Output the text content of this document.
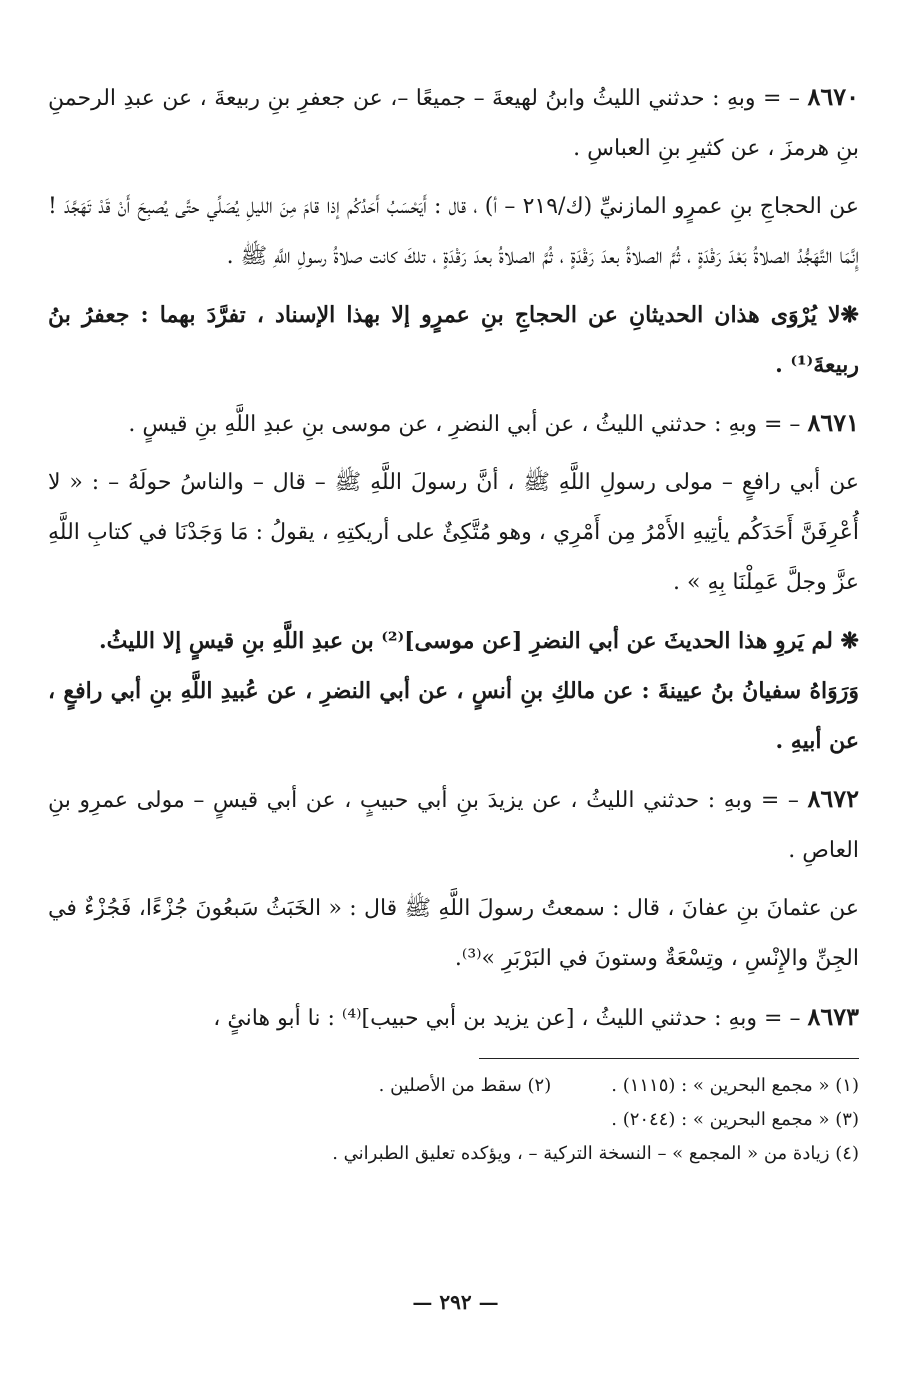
٨٦٧٠ – = وبهِ : حدثني الليثُ وابنُ لهيعةَ – جميعًا –، عن جعفرِ بنِ ربيعةَ ، عن عبدِ الرحمنِ بنِ هرمزَ ، عن كثيرِ بنِ العباسِ .

عن الحجاجِ بنِ عمرٍو المازنيِّ (ك/٢١٩ – أ) ، قال : أَيَحْسَبُ أَحَدُكُم إذا قامَ مِنَ الليلِ يُصَلِّي حتَّى يُصبِحَ أَنْ قَدْ تَهَجَّدَ ! إِنَّمَا التَّهَجُّدُ الصلاةُ بَعْدَ رَقْدَةٍ ، ثُمَّ الصلاةُ بعدَ رَقْدَةٍ ، ثُمَّ الصلاةُ بعدَ رَقْدَةٍ ، تلكَ كانت صلاةُ رسولِ اللَّهِ ﷺ .

❋لا يُرْوَى هذان الحديثانِ عن الحجاجِ بنِ عمرٍو إلا بهذا الإسناد ، تفرَّدَ بهما : جعفرُ بنُ ربيعةَ⁽¹⁾ .

٨٦٧١ – = وبهِ : حدثني الليثُ ، عن أبي النضرِ ، عن موسى بنِ عبدِ اللَّهِ بنِ قيسٍ .

عن أبي رافعٍ – مولى رسولِ اللَّهِ ﷺ ، أنَّ رسولَ اللَّهِ ﷺ – قال – والناسُ حولَهُ – : « لا أُعْرِفَنَّ أَحَدَكُم يأتِيهِ الأَمْرُ مِن أَمْرِي ، وهو مُتَّكِئٌ على أريكتِهِ ، يقولُ : مَا وَجَدْنَا في كتابِ اللَّهِ عزَّ وجلَّ عَمِلْنَا بِهِ » .

❋ لم يَروِ هذا الحديثَ عن أبي النضرِ [عن موسى]⁽²⁾ بن عبدِ اللَّهِ بنِ قيسٍ إلا الليثُ.

وَرَوَاهُ سفيانُ بنُ عيينةَ : عن مالكِ بنِ أنسٍ ، عن أبي النضرِ ، عن عُبيدِ اللَّهِ بنِ أبي رافعٍ ، عن أبيهِ .

٨٦٧٢ – = وبهِ : حدثني الليثُ ، عن يزيدَ بنِ أبي حبيبٍ ، عن أبي قيسٍ – مولى عمرِو بنِ العاصِ .

عن عثمانَ بنِ عفانَ ، قال : سمعتُ رسولَ اللَّهِ ﷺ قال : « الخَبَثُ سَبعُونَ جُزْءًا، فَجُزْءٌ في الجِنِّ والإِنْسِ ، وتِسْعَةٌ وستونَ في البَرْبَرِ »⁽³⁾.

٨٦٧٣ – = وبهِ : حدثني الليثُ ، [عن يزيد بن أبي حبيب]⁽⁴⁾ : نا أبو هانئٍ ،

(١) « مجمع البحرين » : (١١١٥) .
(٢) سقط من الأصلين .
(٣) « مجمع البحرين » : (٢٠٤٤) .
(٤) زيادة من « المجمع » – النسخة التركية – ، ويؤكده تعليق الطبراني .
— ٢٩٢ —
